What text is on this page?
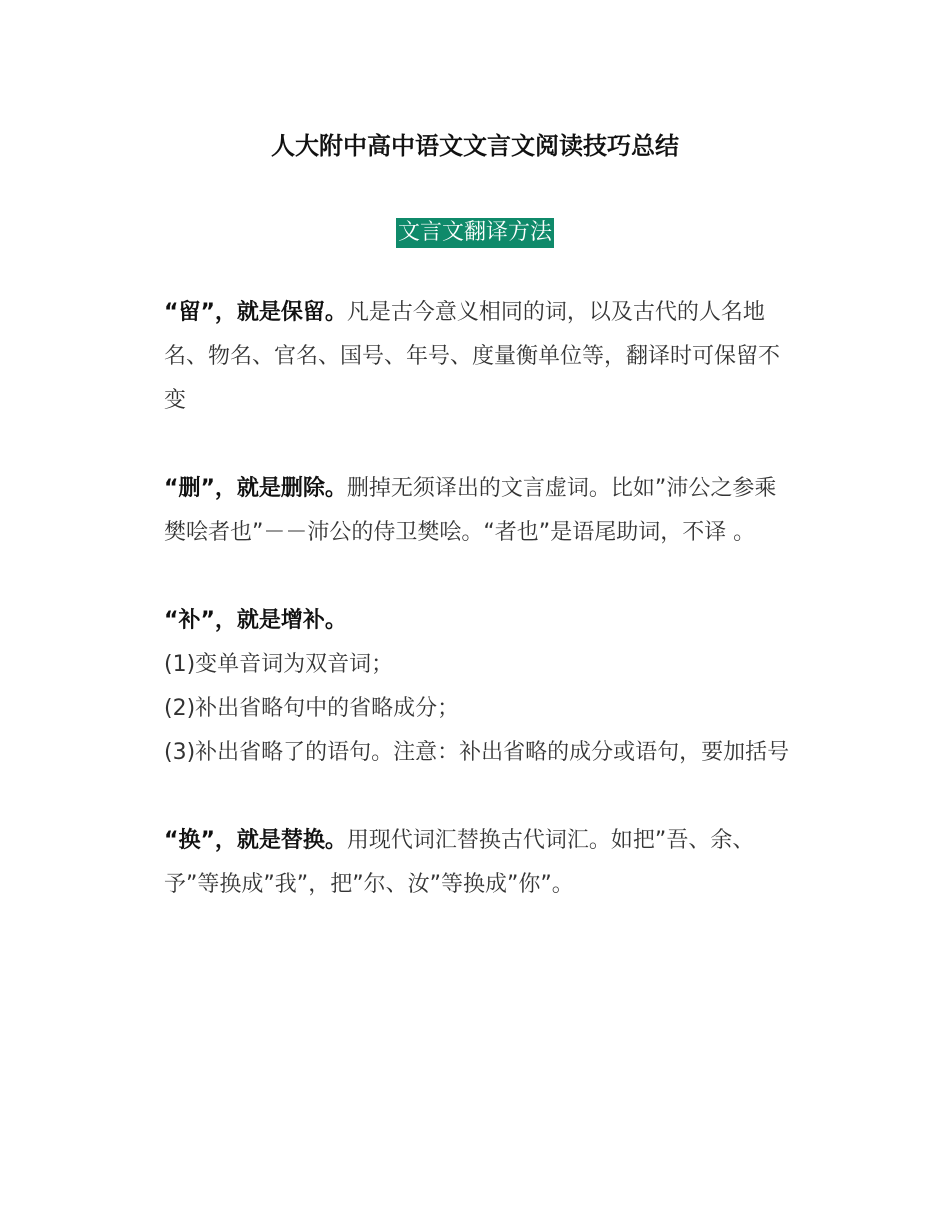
人大附中高中语文文言文阅读技巧总结
文言文翻译方法

“留”，就是保留。凡是古今意义相同的词，以及古代的人名地名、物名、官名、国号、年号、度量衡单位等，翻译时可保留不变

“删”，就是删除。删掉无须译出的文言虚词。比如”沛公之参乘樊哙者也”－－沛公的侍卫樊哙。“者也”是语尾助词，不译 。

“补”，就是增补。

(1)变单音词为双音词；

(2)补出省略句中的省略成分；

(3)补出省略了的语句。注意：补出省略的成分或语句，要加括号

“换”，就是替换。用现代词汇替换古代词汇。如把”吾、余、予”等换成”我”，把”尔、汝”等换成”你”。
